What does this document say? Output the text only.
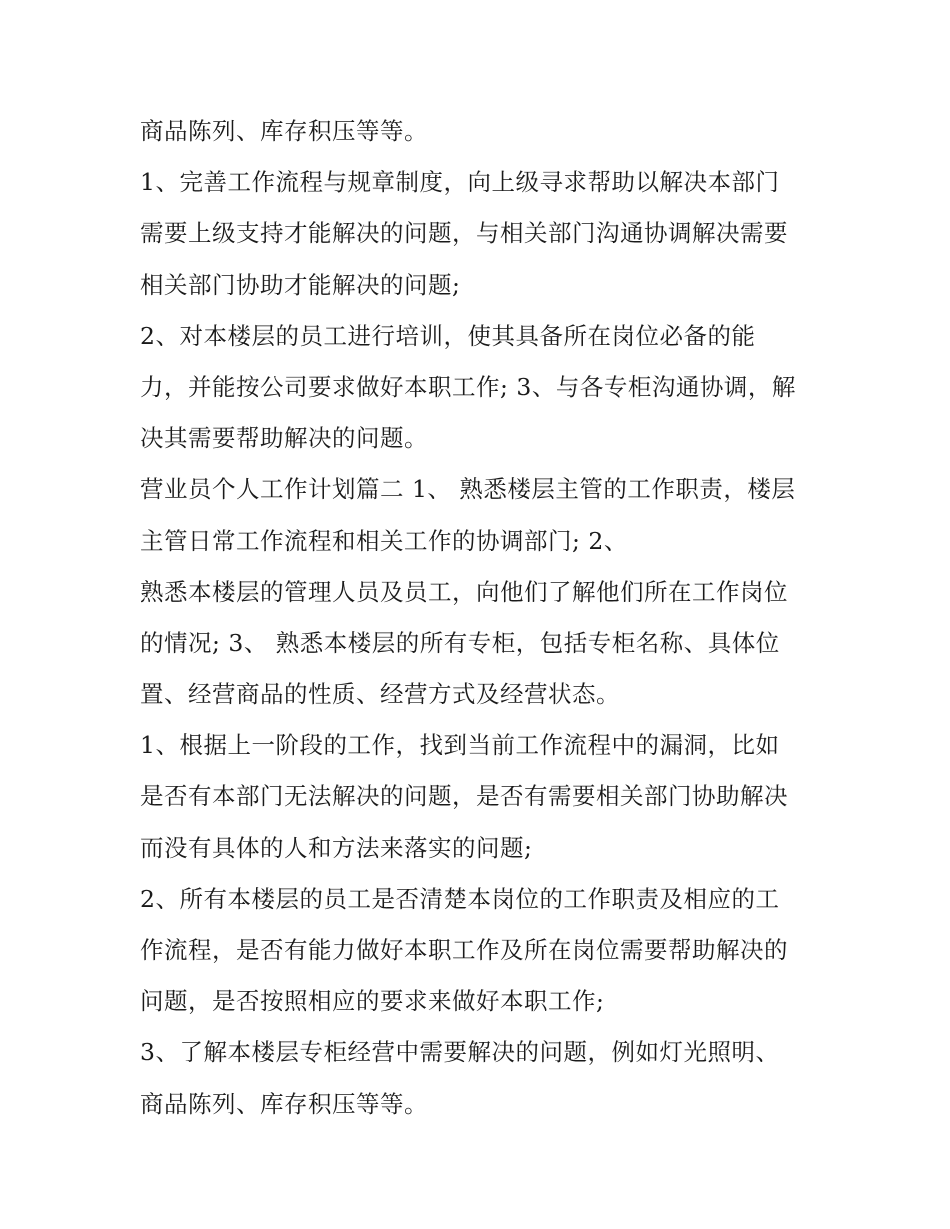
商品陈列、库存积压等等。
1、完善工作流程与规章制度，向上级寻求帮助以解决本部门
需要上级支持才能解决的问题，与相关部门沟通协调解决需要
相关部门协助才能解决的问题;
2、对本楼层的员工进行培训，使其具备所在岗位必备的能
力，并能按公司要求做好本职工作; 3、与各专柜沟通协调，解
决其需要帮助解决的问题。
营业员个人工作计划篇二 1、 熟悉楼层主管的工作职责，楼层
主管日常工作流程和相关工作的协调部门; 2、
熟悉本楼层的管理人员及员工，向他们了解他们所在工作岗位
的情况; 3、 熟悉本楼层的所有专柜，包括专柜名称、具体位
置、经营商品的性质、经营方式及经营状态。
1、根据上一阶段的工作，找到当前工作流程中的漏洞，比如
是否有本部门无法解决的问题，是否有需要相关部门协助解决
而没有具体的人和方法来落实的问题;
2、所有本楼层的员工是否清楚本岗位的工作职责及相应的工
作流程，是否有能力做好本职工作及所在岗位需要帮助解决的
问题，是否按照相应的要求来做好本职工作;
3、了解本楼层专柜经营中需要解决的问题，例如灯光照明、
商品陈列、库存积压等等。
